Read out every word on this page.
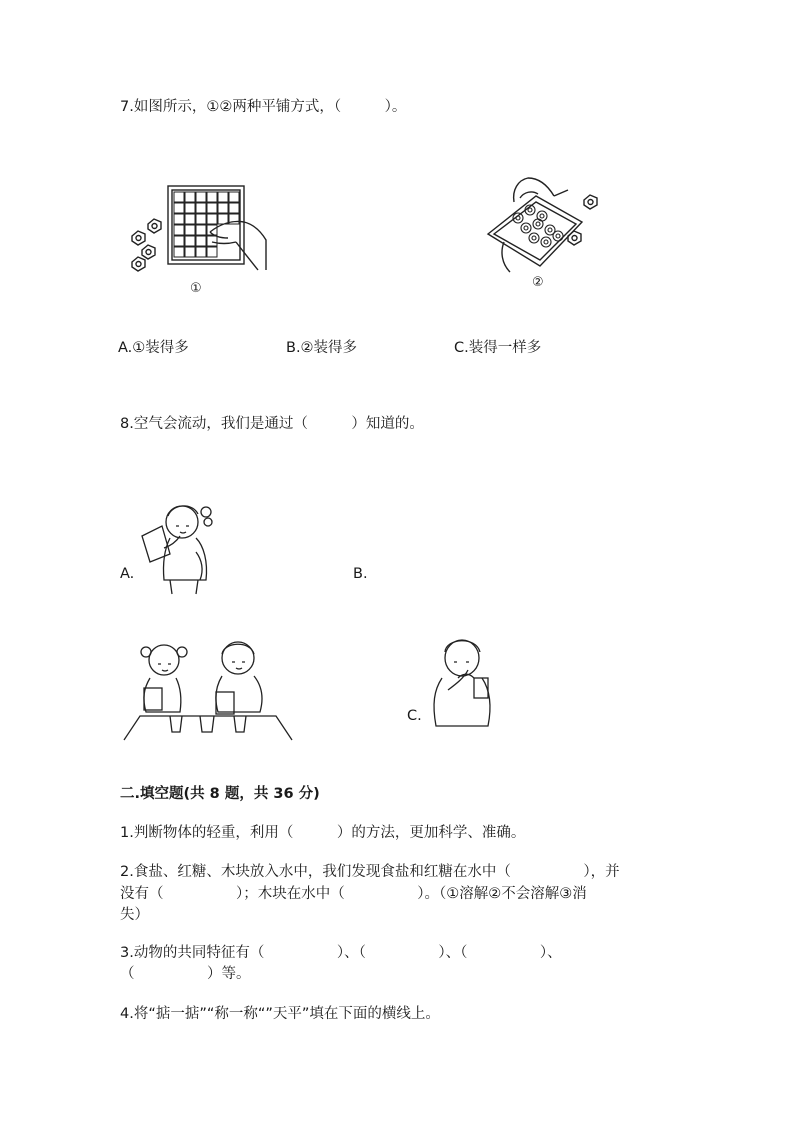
7.如图所示，①②两种平铺方式，（　　　）。
①	②
A.①装得多	B.②装得多	C.装得一样多
8.空气会流动，我们是通过（　　　）知道的。
A.	B.
C.
二.填空题(共 8 题，共 36 分)
1.判断物体的轻重，利用（　　　）的方法，更加科学、准确。
2.食盐、红糖、木块放入水中，我们发现食盐和红糖在水中（　　　　　），并
没有（　　　　　）；木块在水中（　　　　　）。（①溶解②不会溶解③消
失）
3.动物的共同特征有（　　　　　）、（　　　　　）、（　　　　　）、
（　　　　　）等。
4.将“掂一掂”“称一称“”天平”填在下面的横线上。
